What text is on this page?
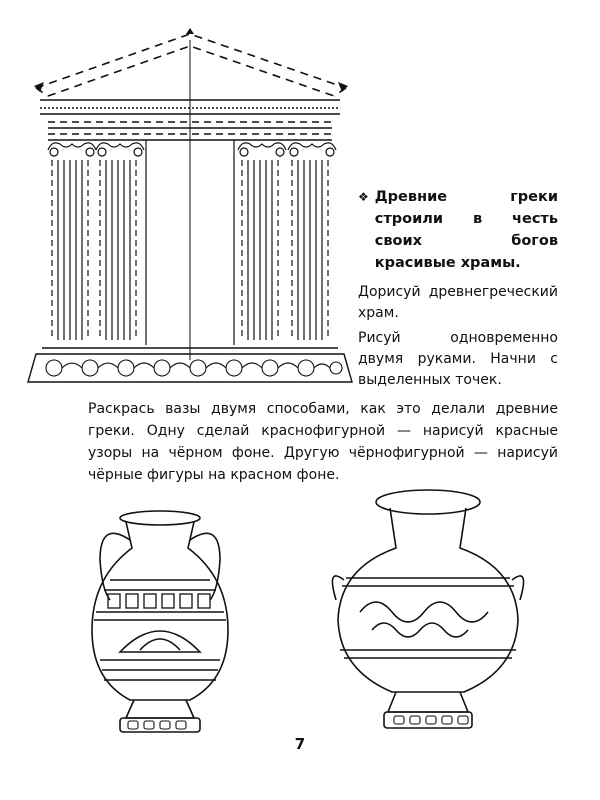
❖ Древние греки строили в честь своих богов красивые храмы.

Дорисуй древнегреческий храм.

Рисуй одновременно двумя руками. Начни с выделенных точек.

Раскрась вазы двумя способами, как это делали древние греки. Одну сделай краснофигурной — нарисуй красные узоры на чёрном фоне. Другую чёрнофигурной — нарисуй чёрные фигуры на красном фоне.
7
